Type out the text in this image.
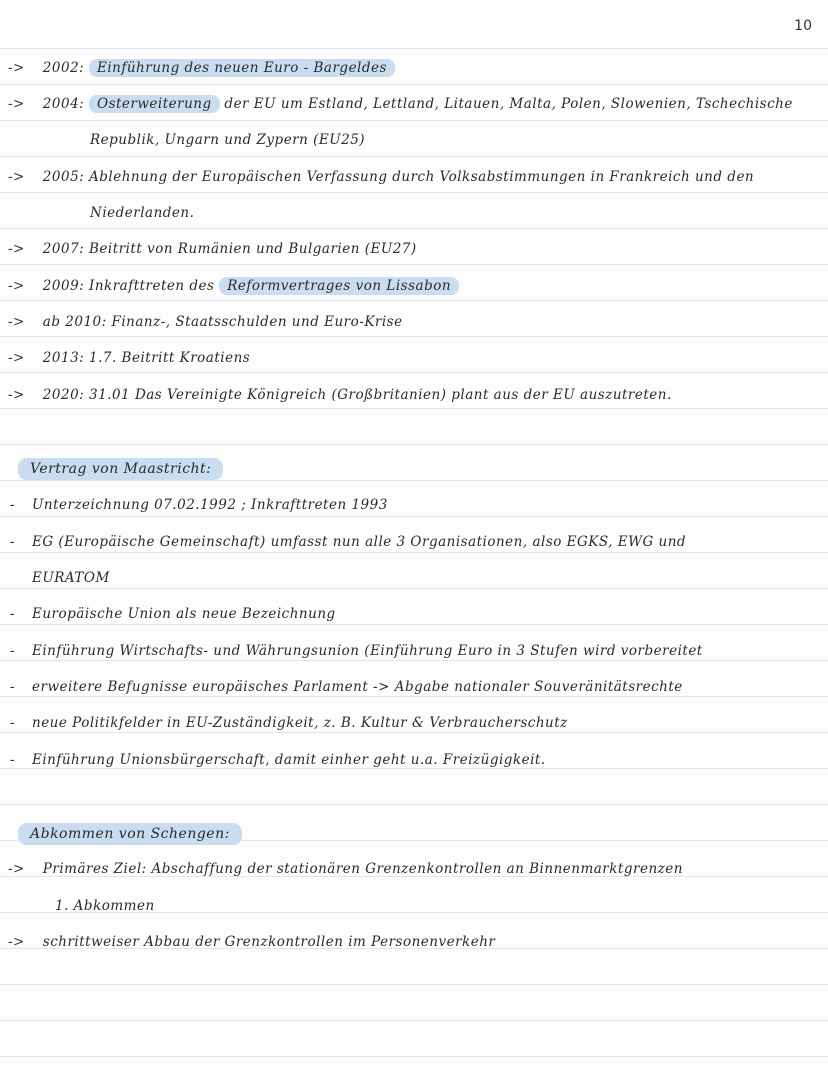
10
-> 2002: Einführung des neuen Euro - Bargeldes
-> 2004: Osterweiterung der EU um Estland, Lettland, Litauen, Malta, Polen, Slowenien, Tschechische
Republik, Ungarn und Zypern (EU25)
-> 2005: Ablehnung der Europäischen Verfassung durch Volksabstimmungen in Frankreich und den
Niederlanden.
-> 2007: Beitritt von Rumänien und Bulgarien (EU27)
-> 2009: Inkrafttreten des Reformvertrages von Lissabon
-> ab 2010: Finanz-, Staatsschulden und Euro-Krise
-> 2013: 1.7. Beitritt Kroatiens
-> 2020: 31.01 Das Vereinigte Königreich (Großbritanien) plant aus der EU auszutreten.
Vertrag von Maastricht:
- Unterzeichnung 07.02.1992 ; Inkrafttreten 1993
- EG (Europäische Gemeinschaft) umfasst nun alle 3 Organisationen, also EGKS, EWG und
EURATOM
- Europäische Union als neue Bezeichnung
- Einführung Wirtschafts- und Währungsunion (Einführung Euro in 3 Stufen wird vorbereitet
- erweitere Befugnisse europäisches Parlament -> Abgabe nationaler Souveränitätsrechte
- neue Politikfelder in EU-Zuständigkeit, z. B. Kultur & Verbraucherschutz
- Einführung Unionsbürgerschaft, damit einher geht u.a. Freizügigkeit.
Abkommen von Schengen:
-> Primäres Ziel: Abschaffung der stationären Grenzenkontrollen an Binnenmarktgrenzen
1. Abkommen
-> schrittweiser Abbau der Grenzkontrollen im Personenverkehr
